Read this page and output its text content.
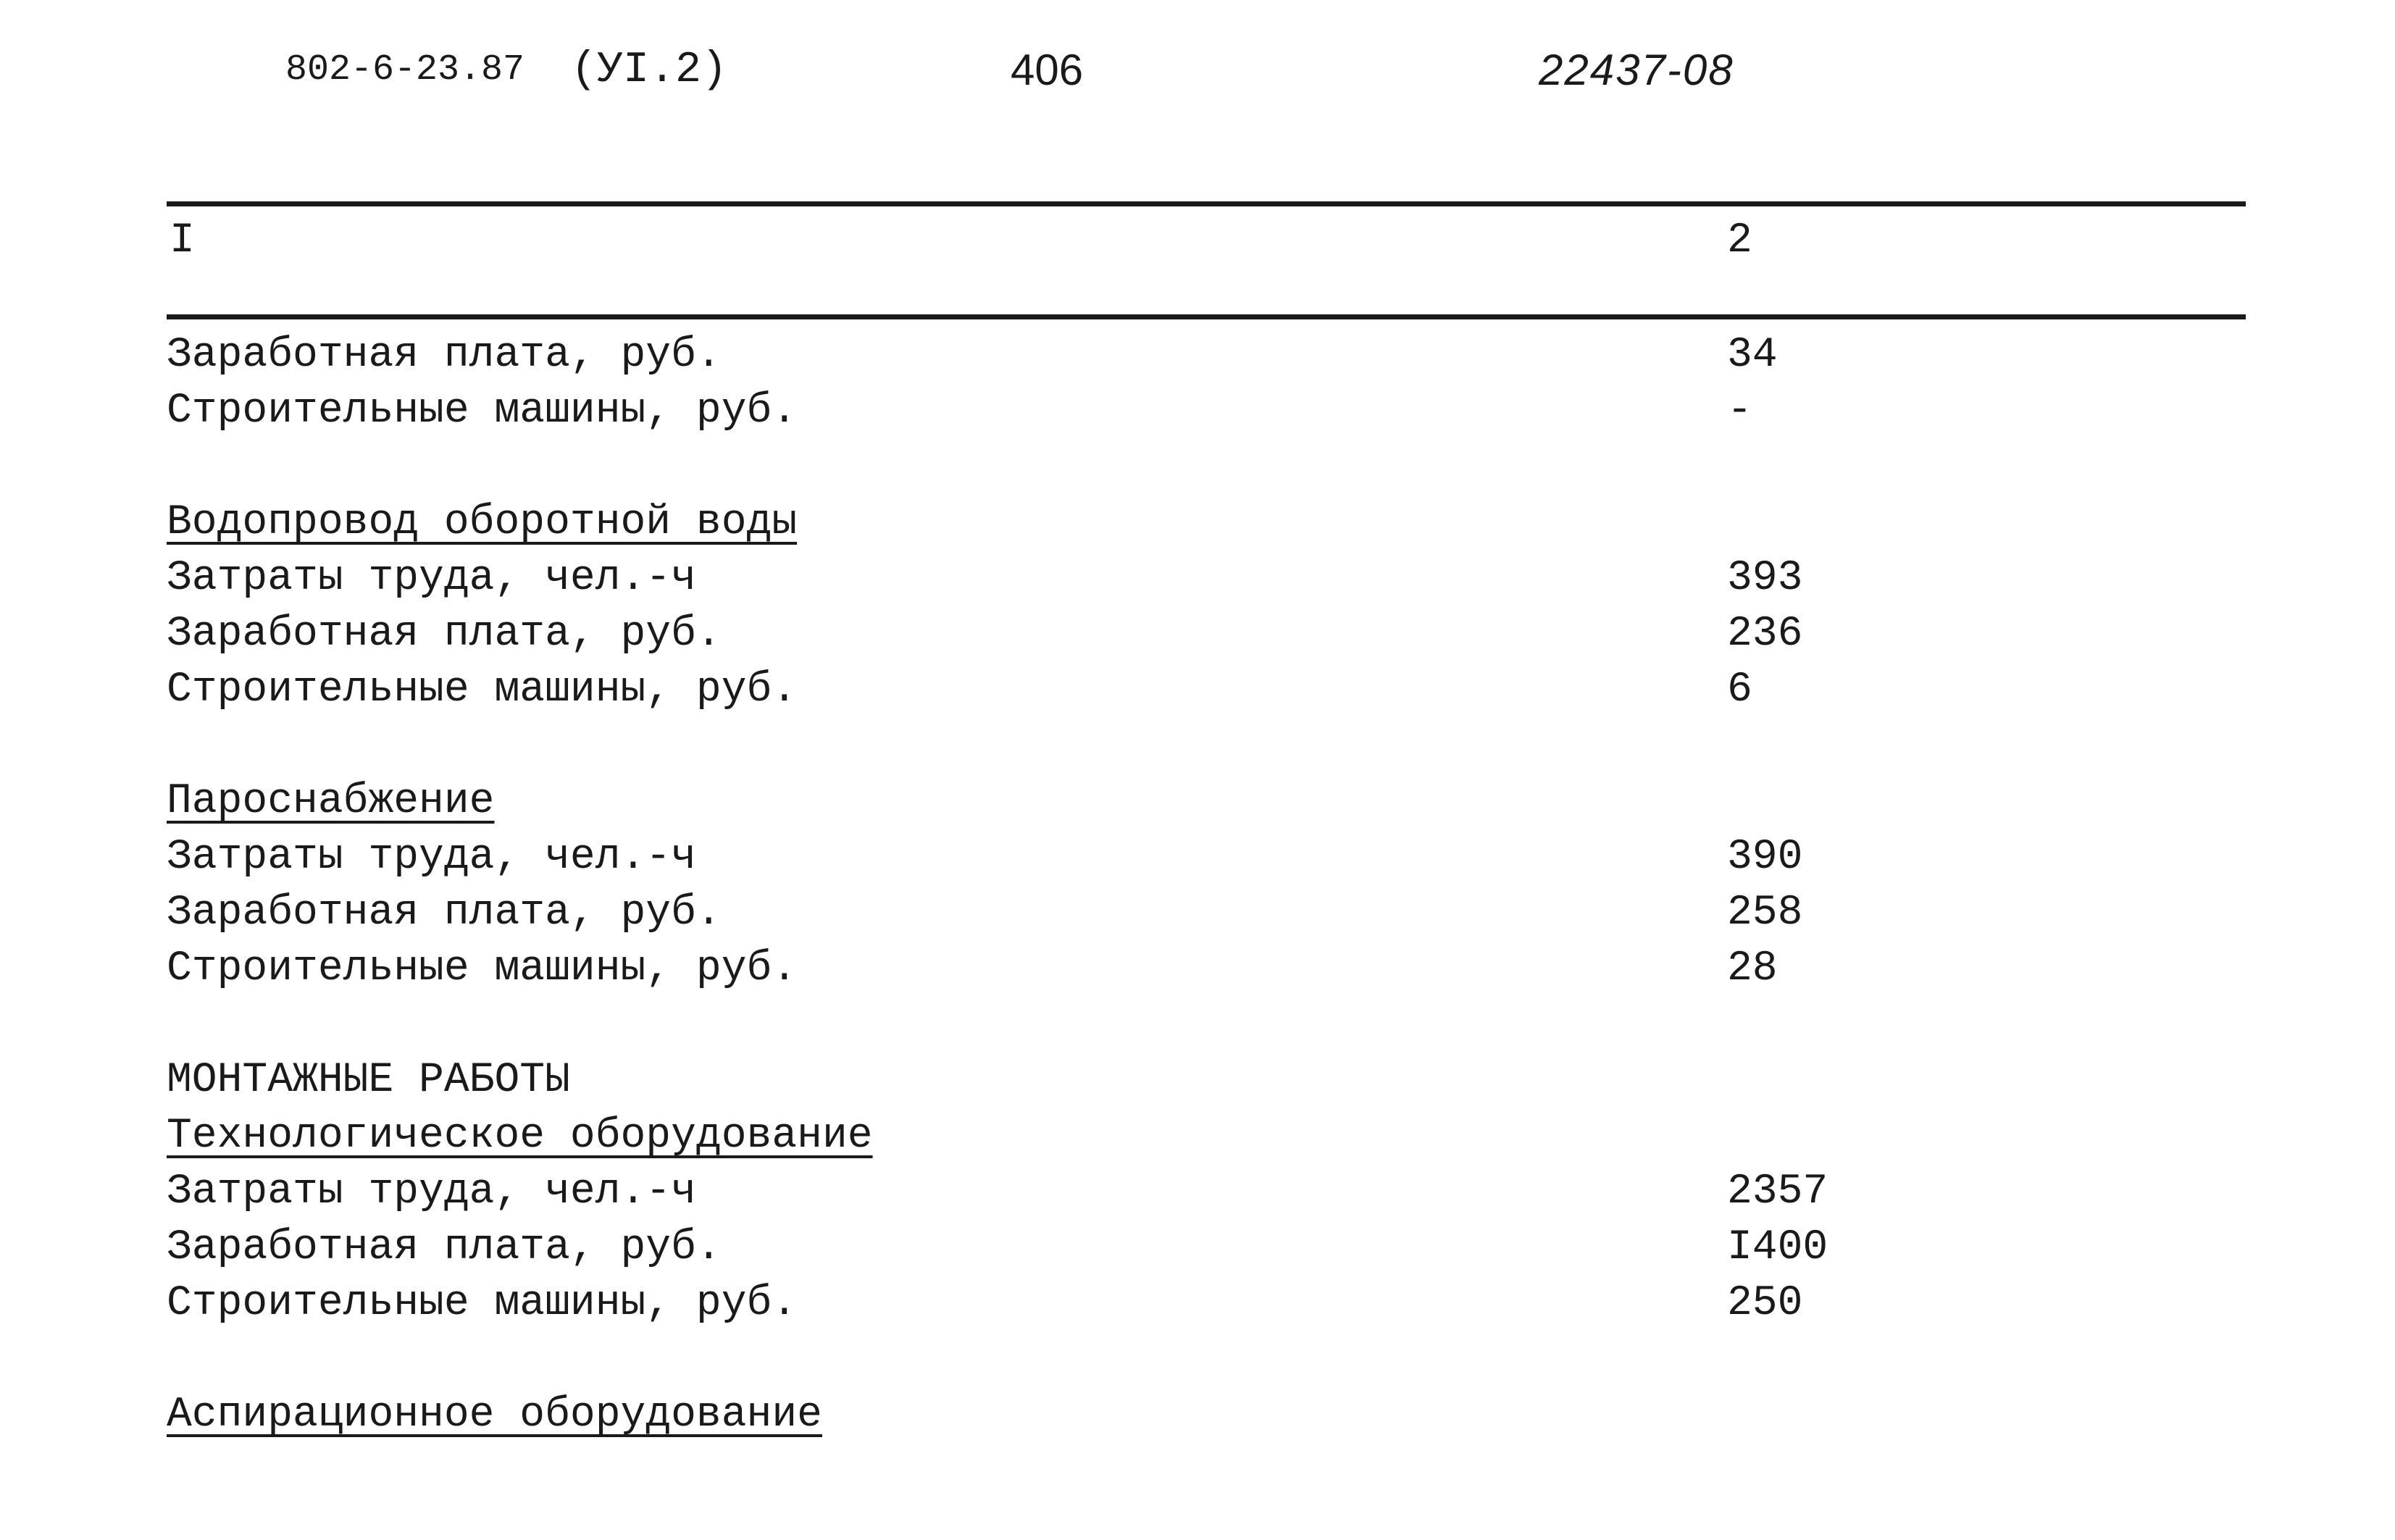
802-6-23.87 (УI.2)	406	22437-08
I	2
Заработная плата, руб.	34
Строительные машины, руб.	-
Водопровод оборотной воды
Затраты труда, чел.-ч	393
Заработная плата, руб.	236
Строительные машины, руб.	6
Пароснабжение
Затраты труда, чел.-ч	390
Заработная плата, руб.	258
Строительные машины, руб.	28
МОНТАЖНЫЕ РАБОТЫ
Технологическое оборудование
Затраты труда, чел.-ч	2357
Заработная плата, руб.	I400
Строительные машины, руб.	250
Аспирационное оборудование
